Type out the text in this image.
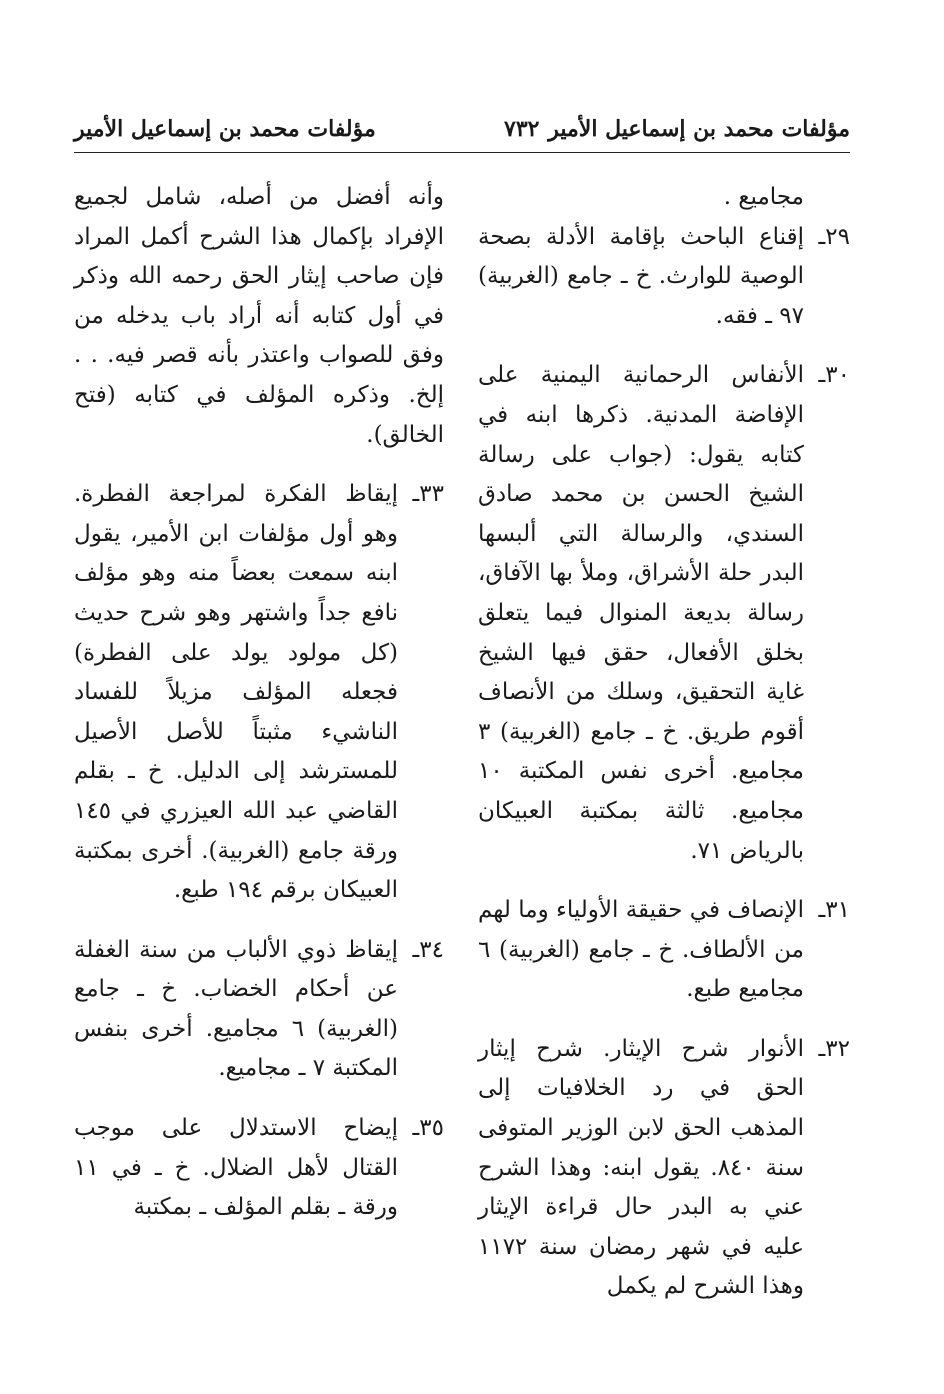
مؤلفات محمد بن إسماعيل الأمير
٧٣٢
مؤلفات محمد بن إسماعيل الأمير
مجاميع .
٢٩ـ
إقناع الباحث بإقامة الأدلة بصحة الوصية للوارث. خ ـ جامع (الغربية) ٩٧ ـ فقه.
٣٠ـ
الأنفاس الرحمانية اليمنية على الإفاضة المدنية. ذكرها ابنه في كتابه يقول: (جواب على رسالة الشيخ الحسن بن محمد صادق السندي، والرسالة التي ألبسها البدر حلة الأشراق، وملأ بها الآفاق، رسالة بديعة المنوال فيما يتعلق بخلق الأفعال، حقق فيها الشيخ غاية التحقيق، وسلك من الأنصاف أقوم طريق. خ ـ جامع (الغربية) ٣ مجاميع. أخرى نفس المكتبة ١٠ مجاميع. ثالثة بمكتبة العبيكان بالرياض ٧١.
٣١ـ
الإنصاف في حقيقة الأولياء وما لهم من الألطاف. خ ـ جامع (الغربية) ٦ مجاميع طبع.
٣٢ـ
الأنوار شرح الإيثار. شرح إيثار الحق في رد الخلافيات إلى المذهب الحق لابن الوزير المتوفى سنة ٨٤٠. يقول ابنه: وهذا الشرح عني به البدر حال قراءة الإيثار عليه في شهر رمضان سنة ١١٧٢ وهذا الشرح لم يكمل
وأنه أفضل من أصله، شامل لجميع الإفراد بإكمال هذا الشرح أكمل المراد فإن صاحب إيثار الحق رحمه الله وذكر في أول كتابه أنه أراد باب يدخله من وفق للصواب واعتذر بأنه قصر فيه. . . إلخ. وذكره المؤلف في كتابه (فتح الخالق).
٣٣ـ
إيقاظ الفكرة لمراجعة الفطرة. وهو أول مؤلفات ابن الأمير، يقول ابنه سمعت بعضاً منه وهو مؤلف نافع جداً واشتهر وهو شرح حديث (كل مولود يولد على الفطرة) فجعله المؤلف مزيلاً للفساد الناشيء مثبتاً للأصل الأصيل للمسترشد إلى الدليل. خ ـ بقلم القاضي عبد الله العيزري في ١٤٥ ورقة جامع (الغربية). أخرى بمكتبة العبيكان برقم ١٩٤ طبع.
٣٤ـ
إيقاظ ذوي الألباب من سنة الغفلة عن أحكام الخضاب. خ ـ جامع (الغربية) ٦ مجاميع. أخرى بنفس المكتبة ٧ ـ مجاميع.
٣٥ـ
إيضاح الاستدلال على موجب القتال لأهل الضلال. خ ـ في ١١ ورقة ـ بقلم المؤلف ـ بمكتبة
